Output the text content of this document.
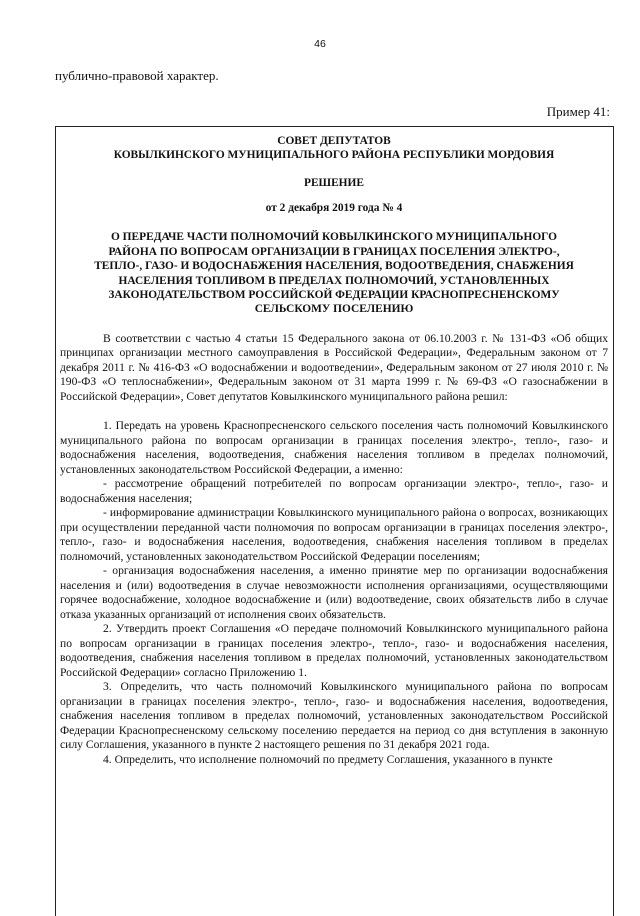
46
публично-правовой характер.
Пример 41:

СОВЕТ ДЕПУТАТОВ

КОВЫЛКИНСКОГО МУНИЦИПАЛЬНОГО РАЙОНА РЕСПУБЛИКИ МОРДОВИЯ

РЕШЕНИЕ

от 2 декабря 2019 года № 4

О ПЕРЕДАЧЕ ЧАСТИ ПОЛНОМОЧИЙ КОВЫЛКИНСКОГО МУНИЦИПАЛЬНОГО
РАЙОНА ПО ВОПРОСАМ ОРГАНИЗАЦИИ В ГРАНИЦАХ ПОСЕЛЕНИЯ ЭЛЕКТРО-,
ТЕПЛО-, ГАЗО- И ВОДОСНАБЖЕНИЯ НАСЕЛЕНИЯ, ВОДООТВЕДЕНИЯ, СНАБЖЕНИЯ
НАСЕЛЕНИЯ ТОПЛИВОМ В ПРЕДЕЛАХ ПОЛНОМОЧИЙ, УСТАНОВЛЕННЫХ
ЗАКОНОДАТЕЛЬСТВОМ РОССИЙСКОЙ ФЕДЕРАЦИИ КРАСНОПРЕСНЕНСКОМУ
СЕЛЬСКОМУ ПОСЕЛЕНИЮ

В соответствии с частью 4 статьи 15 Федерального закона от 06.10.2003 г. № 131-ФЗ «Об общих принципах организации местного самоуправления в Российской Федерации», Федеральным законом от 7 декабря 2011 г. № 416-ФЗ «О водоснабжении и водоотведении», Федеральным законом от 27 июля 2010 г. № 190-ФЗ «О теплоснабжении», Федеральным законом от 31 марта 1999 г. № 69-ФЗ «О газоснабжении в Российской Федерации», Совет депутатов Ковылкинского муниципального района решил:

1. Передать на уровень Краснопресненского сельского поселения часть полномочий Ковылкинского муниципального района по вопросам организации в границах поселения электро-, тепло-, газо- и водоснабжения населения, водоотведения, снабжения населения топливом в пределах полномочий, установленных законодательством Российской Федерации, а именно:

- рассмотрение обращений потребителей по вопросам организации электро-, тепло-, газо- и водоснабжения населения;

- информирование администрации Ковылкинского муниципального района о вопросах, возникающих при осуществлении переданной части полномочия по вопросам организации в границах поселения электро-, тепло-, газо- и водоснабжения населения, водоотведения, снабжения населения топливом в пределах полномочий, установленных законодательством Российской Федерации поселениям;

- организация водоснабжения населения, а именно принятие мер по организации водоснабжения населения и (или) водоотведения в случае невозможности исполнения организациями, осуществляющими горячее водоснабжение, холодное водоснабжение и (или) водоотведение, своих обязательств либо в случае отказа указанных организаций от исполнения своих обязательств.

2. Утвердить проект Соглашения «О передаче полномочий Ковылкинского муниципального района по вопросам организации в границах поселения электро-, тепло-, газо- и водоснабжения населения, водоотведения, снабжения населения топливом в пределах полномочий, установленных законодательством Российской Федерации» согласно Приложению 1.

3. Определить, что часть полномочий Ковылкинского муниципального района по вопросам организации в границах поселения электро-, тепло-, газо- и водоснабжения населения, водоотведения, снабжения населения топливом в пределах полномочий, установленных законодательством Российской Федерации Краснопресненскому сельскому поселению передается на период со дня вступления в законную силу Соглашения, указанного в пункте 2 настоящего решения по 31 декабря 2021 года.

4. Определить, что исполнение полномочий по предмету Соглашения, указанного в пункте
